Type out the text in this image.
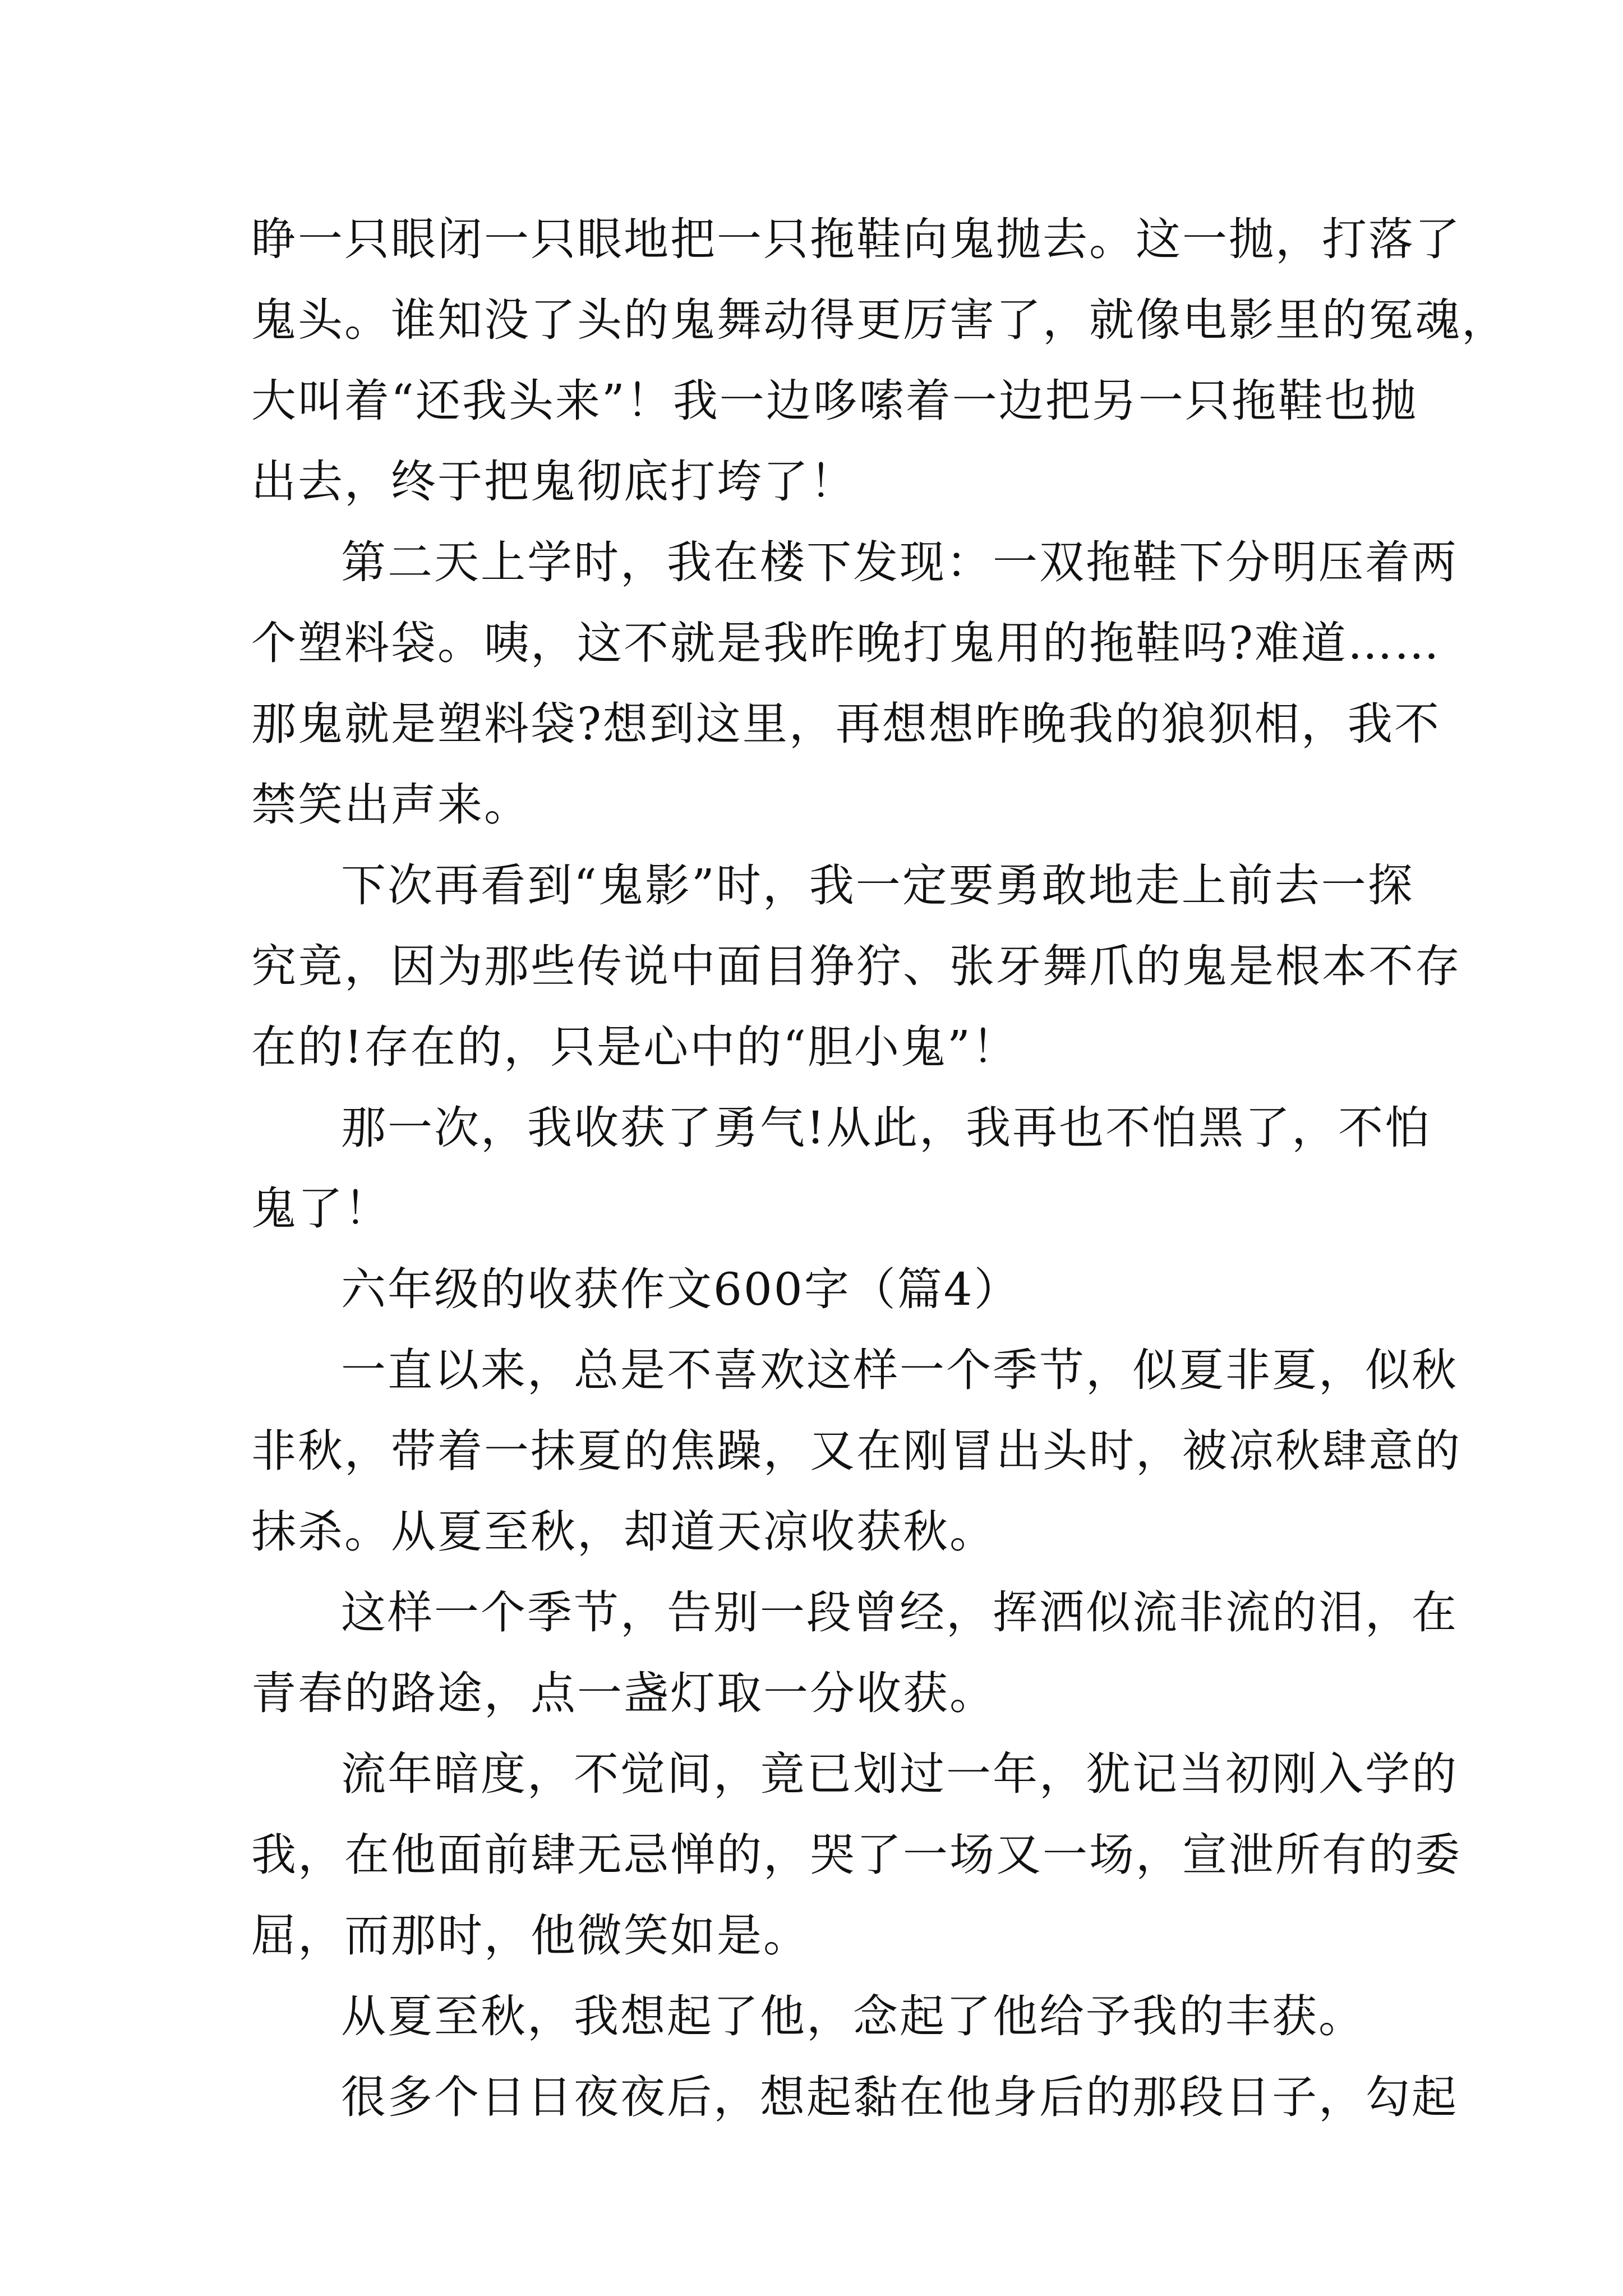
睁一只眼闭一只眼地把一只拖鞋向鬼抛去。这一抛，打落了
鬼头。谁知没了头的鬼舞动得更厉害了，就像电影里的冤魂，
大叫着“还我头来”！我一边哆嗦着一边把另一只拖鞋也抛
出去，终于把鬼彻底打垮了！

第二天上学时，我在楼下发现：一双拖鞋下分明压着两
个塑料袋。咦，这不就是我昨晚打鬼用的拖鞋吗?难道……
那鬼就是塑料袋?想到这里，再想想昨晚我的狼狈相，我不
禁笑出声来。

下次再看到“鬼影”时，我一定要勇敢地走上前去一探
究竟，因为那些传说中面目狰狞、张牙舞爪的鬼是根本不存
在的!存在的，只是心中的“胆小鬼”！

那一次，我收获了勇气!从此，我再也不怕黑了，不怕
鬼了！

六年级的收获作文600字（篇4）

一直以来，总是不喜欢这样一个季节，似夏非夏，似秋
非秋，带着一抹夏的焦躁，又在刚冒出头时，被凉秋肆意的
抹杀。从夏至秋，却道天凉收获秋。

这样一个季节，告别一段曾经，挥洒似流非流的泪，在
青春的路途，点一盏灯取一分收获。

流年暗度，不觉间，竟已划过一年，犹记当初刚入学的
我，在他面前肆无忌惮的，哭了一场又一场，宣泄所有的委
屈，而那时，他微笑如是。

从夏至秋，我想起了他，念起了他给予我的丰获。

很多个日日夜夜后，想起黏在他身后的那段日子，勾起
